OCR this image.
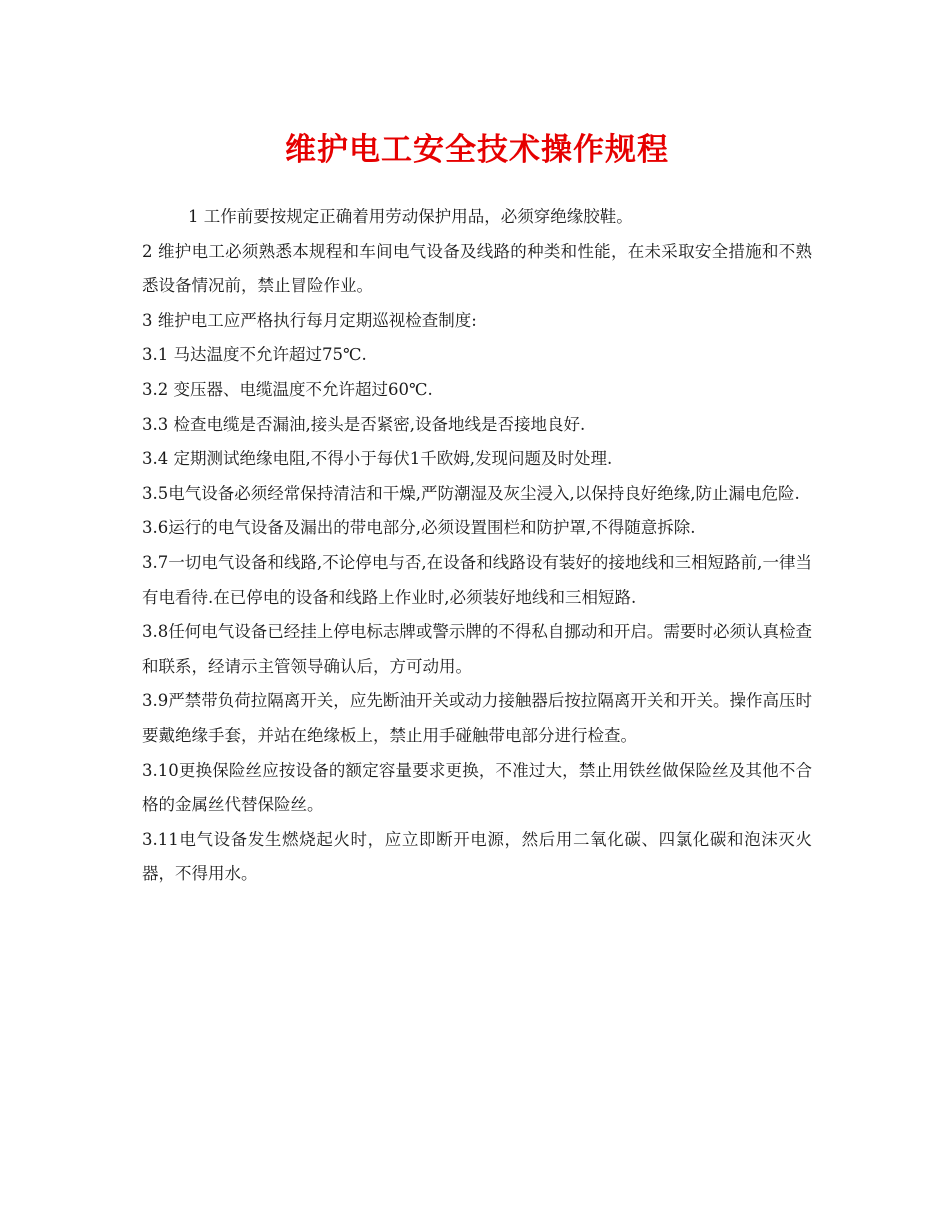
维护电工安全技术操作规程

1 工作前要按规定正确着用劳动保护用品，必须穿绝缘胶鞋。

2 维护电工必须熟悉本规程和车间电气设备及线路的种类和性能，在未采取安全措施和不熟悉设备情况前，禁止冒险作业。

3 维护电工应严格执行每月定期巡视检查制度:

3.1 马达温度不允许超过75℃.

3.2 变压器、电缆温度不允许超过60℃.

3.3 检查电缆是否漏油,接头是否紧密,设备地线是否接地良好.

3.4 定期测试绝缘电阻,不得小于每伏1千欧姆,发现问题及时处理.

3.5电气设备必须经常保持清洁和干燥,严防潮湿及灰尘浸入,以保持良好绝缘,防止漏电危险.

3.6运行的电气设备及漏出的带电部分,必须设置围栏和防护罩,不得随意拆除.

3.7一切电气设备和线路,不论停电与否,在设备和线路设有装好的接地线和三相短路前,一律当有电看待.在已停电的设备和线路上作业时,必须装好地线和三相短路.

3.8任何电气设备已经挂上停电标志牌或警示牌的不得私自挪动和开启。需要时必须认真检查和联系，经请示主管领导确认后，方可动用。

3.9严禁带负荷拉隔离开关，应先断油开关或动力接触器后按拉隔离开关和开关。操作高压时要戴绝缘手套，并站在绝缘板上，禁止用手碰触带电部分进行检查。

3.10更换保险丝应按设备的额定容量要求更换，不准过大，禁止用铁丝做保险丝及其他不合格的金属丝代替保险丝。

3.11电气设备发生燃烧起火时，应立即断开电源，然后用二氧化碳、四氯化碳和泡沫灭火器，不得用水。
